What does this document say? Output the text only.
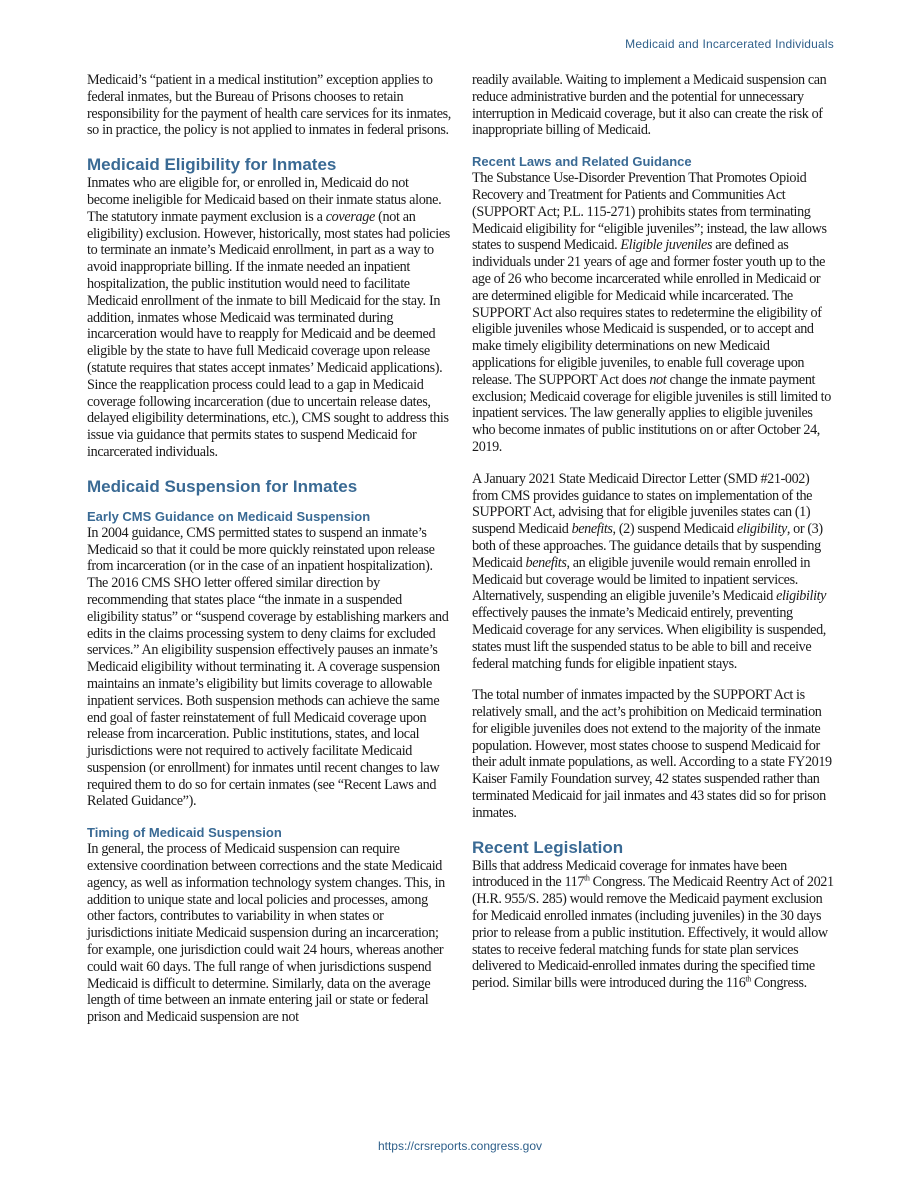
Medicaid and Incarcerated Individuals

Medicaid’s “patient in a medical institution” exception applies to federal inmates, but the Bureau of Prisons chooses to retain responsibility for the payment of health care services for its inmates, so in practice, the policy is not applied to inmates in federal prisons.

Medicaid Eligibility for Inmates

Inmates who are eligible for, or enrolled in, Medicaid do not become ineligible for Medicaid based on their inmate status alone. The statutory inmate payment exclusion is a coverage (not an eligibility) exclusion. However, historically, most states had policies to terminate an inmate’s Medicaid enrollment, in part as a way to avoid inappropriate billing. If the inmate needed an inpatient hospitalization, the public institution would need to facilitate Medicaid enrollment of the inmate to bill Medicaid for the stay. In addition, inmates whose Medicaid was terminated during incarceration would have to reapply for Medicaid and be deemed eligible by the state to have full Medicaid coverage upon release (statute requires that states accept inmates’ Medicaid applications). Since the reapplication process could lead to a gap in Medicaid coverage following incarceration (due to uncertain release dates, delayed eligibility determinations, etc.), CMS sought to address this issue via guidance that permits states to suspend Medicaid for incarcerated individuals.

Medicaid Suspension for Inmates
Early CMS Guidance on Medicaid Suspension

In 2004 guidance, CMS permitted states to suspend an inmate’s Medicaid so that it could be more quickly reinstated upon release from incarceration (or in the case of an inpatient hospitalization). The 2016 CMS SHO letter offered similar direction by recommending that states place “the inmate in a suspended eligibility status” or “suspend coverage by establishing markers and edits in the claims processing system to deny claims for excluded services.” An eligibility suspension effectively pauses an inmate’s Medicaid eligibility without terminating it. A coverage suspension maintains an inmate’s eligibility but limits coverage to allowable inpatient services. Both suspension methods can achieve the same end goal of faster reinstatement of full Medicaid coverage upon release from incarceration. Public institutions, states, and local jurisdictions were not required to actively facilitate Medicaid suspension (or enrollment) for inmates until recent changes to law required them to do so for certain inmates (see “Recent Laws and Related Guidance”).

Timing of Medicaid Suspension

In general, the process of Medicaid suspension can require extensive coordination between corrections and the state Medicaid agency, as well as information technology system changes. This, in addition to unique state and local policies and processes, among other factors, contributes to variability in when states or jurisdictions initiate Medicaid suspension during an incarceration; for example, one jurisdiction could wait 24 hours, whereas another could wait 60 days. The full range of when jurisdictions suspend Medicaid is difficult to determine. Similarly, data on the average length of time between an inmate entering jail or state or federal prison and Medicaid suspension are not

readily available. Waiting to implement a Medicaid suspension can reduce administrative burden and the potential for unnecessary interruption in Medicaid coverage, but it also can create the risk of inappropriate billing of Medicaid.

Recent Laws and Related Guidance

The Substance Use-Disorder Prevention That Promotes Opioid Recovery and Treatment for Patients and Communities Act (SUPPORT Act; P.L. 115-271) prohibits states from terminating Medicaid eligibility for “eligible juveniles”; instead, the law allows states to suspend Medicaid. Eligible juveniles are defined as individuals under 21 years of age and former foster youth up to the age of 26 who become incarcerated while enrolled in Medicaid or are determined eligible for Medicaid while incarcerated. The SUPPORT Act also requires states to redetermine the eligibility of eligible juveniles whose Medicaid is suspended, or to accept and make timely eligibility determinations on new Medicaid applications for eligible juveniles, to enable full coverage upon release. The SUPPORT Act does not change the inmate payment exclusion; Medicaid coverage for eligible juveniles is still limited to inpatient services. The law generally applies to eligible juveniles who become inmates of public institutions on or after October 24, 2019.

A January 2021 State Medicaid Director Letter (SMD #21-002) from CMS provides guidance to states on implementation of the SUPPORT Act, advising that for eligible juveniles states can (1) suspend Medicaid benefits, (2) suspend Medicaid eligibility, or (3) both of these approaches. The guidance details that by suspending Medicaid benefits, an eligible juvenile would remain enrolled in Medicaid but coverage would be limited to inpatient services. Alternatively, suspending an eligible juvenile’s Medicaid eligibility effectively pauses the inmate’s Medicaid entirely, preventing Medicaid coverage for any services. When eligibility is suspended, states must lift the suspended status to be able to bill and receive federal matching funds for eligible inpatient stays.

The total number of inmates impacted by the SUPPORT Act is relatively small, and the act’s prohibition on Medicaid termination for eligible juveniles does not extend to the majority of the inmate population. However, most states choose to suspend Medicaid for their adult inmate populations, as well. According to a state FY2019 Kaiser Family Foundation survey, 42 states suspended rather than terminated Medicaid for jail inmates and 43 states did so for prison inmates.

Recent Legislation

Bills that address Medicaid coverage for inmates have been introduced in the 117th Congress. The Medicaid Reentry Act of 2021 (H.R. 955/S. 285) would remove the Medicaid payment exclusion for Medicaid enrolled inmates (including juveniles) in the 30 days prior to release from a public institution. Effectively, it would allow states to receive federal matching funds for state plan services delivered to Medicaid-enrolled inmates during the specified time period. Similar bills were introduced during the 116th Congress.

https://crsreports.congress.gov
